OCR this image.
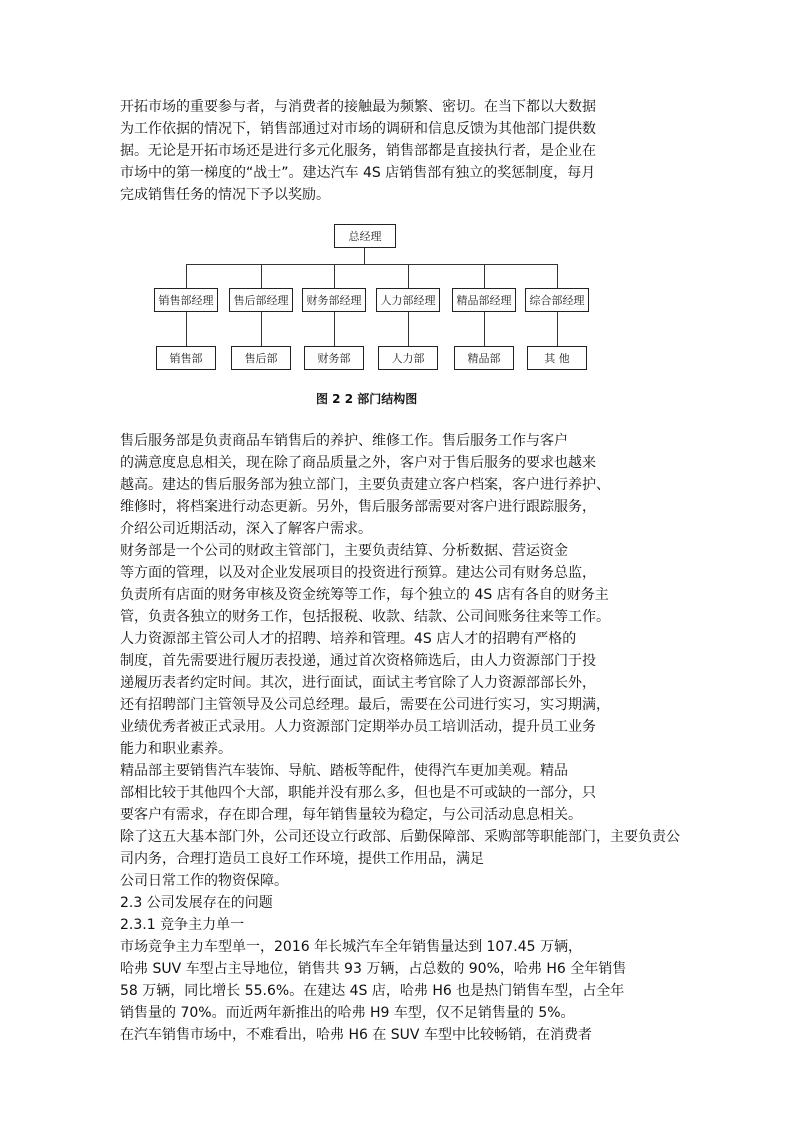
开拓市场的重要参与者，与消费者的接触最为频繁、密切。在当下都以大数据
为工作依据的情况下，销售部通过对市场的调研和信息反馈为其他部门提供数
据。无论是开拓市场还是进行多元化服务，销售部都是直接执行者，是企业在
市场中的第一梯度的“战士”。建达汽车 4S 店销售部有独立的奖惩制度，每月
完成销售任务的情况下予以奖励。
总经理
销售部经理	售后部经理	财务部经理	人力部经理	精品部经理	综合部经理
销售部	售后部	财务部	人力部	精品部	其 他
图 2 2 部门结构图
售后服务部是负责商品车销售后的养护、维修工作。售后服务工作与客户
的满意度息息相关，现在除了商品质量之外，客户对于售后服务的要求也越来
越高。建达的售后服务部为独立部门，主要负责建立客户档案，客户进行养护、
维修时，将档案进行动态更新。另外，售后服务部需要对客户进行跟踪服务，
介绍公司近期活动，深入了解客户需求。
财务部是一个公司的财政主管部门，主要负责结算、分析数据、营运资金
等方面的管理，以及对企业发展项目的投资进行预算。建达公司有财务总监，
负责所有店面的财务审核及资金统筹等工作，每个独立的 4S 店有各自的财务主
管，负责各独立的财务工作，包括报税、收款、结款、公司间账务往来等工作。
人力资源部主管公司人才的招聘、培养和管理。4S 店人才的招聘有严格的
制度，首先需要进行履历表投递，通过首次资格筛选后，由人力资源部门于投
递履历表者约定时间。其次，进行面试，面试主考官除了人力资源部部长外，
还有招聘部门主管领导及公司总经理。最后，需要在公司进行实习，实习期满，
业绩优秀者被正式录用。人力资源部门定期举办员工培训活动，提升员工业务
能力和职业素养。
精品部主要销售汽车装饰、导航、踏板等配件，使得汽车更加美观。精品
部相比较于其他四个大部，职能并没有那么多，但也是不可或缺的一部分，只
要客户有需求，存在即合理，每年销售量较为稳定，与公司活动息息相关。
除了这五大基本部门外，公司还设立行政部、后勤保障部、采购部等职能部门，主要负责公
司内务，合理打造员工良好工作环境，提供工作用品，满足
公司日常工作的物资保障。
2.3 公司发展存在的问题
2.3.1 竞争主力单一
市场竞争主力车型单一，2016 年长城汽车全年销售量达到 107.45 万辆，
哈弗 SUV 车型占主导地位，销售共 93 万辆，占总数的 90%，哈弗 H6 全年销售
58 万辆，同比增长 55.6%。在建达 4S 店，哈弗 H6 也是热门销售车型，占全年
销售量的 70%。而近两年新推出的哈弗 H9 车型，仅不足销售量的 5%。
在汽车销售市场中，不难看出，哈弗 H6 在 SUV 车型中比较畅销，在消费者
